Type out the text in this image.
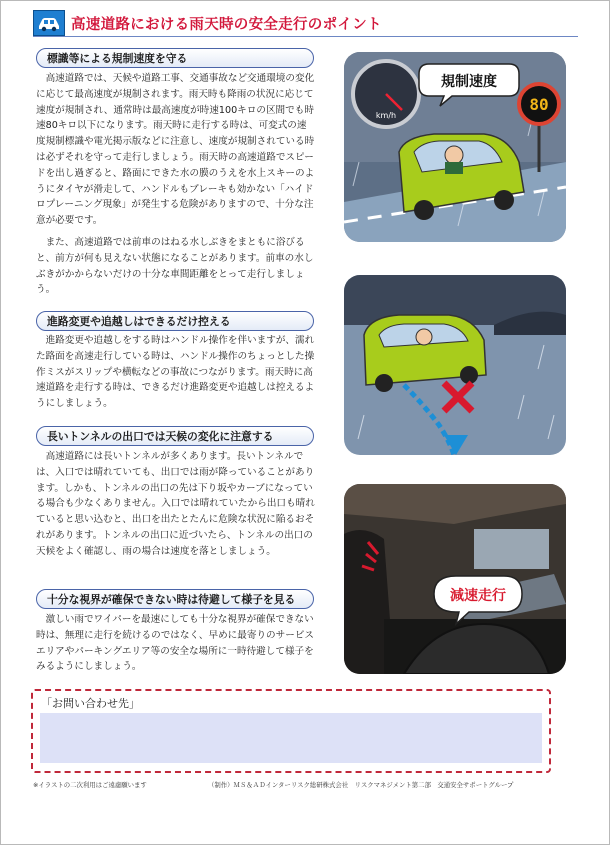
高速道路における雨天時の安全走行のポイント
標識等による規制速度を守る
高速道路では、天候や道路工事、交通事故など交通環境の変化に応じて最高速度が規制されます。雨天時も降雨の状況に応じて速度が規制され、通常時は最高速度が時速100キロの区間でも時速80キロ以下になります。雨天時に走行する時は、可変式の速度規制標識や電光掲示版などに注意し、速度が規制されている時は必ずそれを守って走行しましょう。雨天時の高速道路でスピードを出し過ぎると、路面にできた水の膜のうえを水上スキーのようにタイヤが滑走して、ハンドルもブレーキも効かない「ハイドロプレーニング現象」が発生する危険がありますので、十分な注意が必要です。
また、高速道路では前車のはねる水しぶきをまともに浴びると、前方が何も見えない状態になることがあります。前車の水しぶきがかからないだけの十分な車間距離をとって走行しましょう。
進路変更や追越しはできるだけ控える
進路変更や追越しをする時はハンドル操作を伴いますが、濡れた路面を高速走行している時は、ハンドル操作のちょっとした操作ミスがスリップや横転などの事故につながります。雨天時に高速道路を走行する時は、できるだけ進路変更や追越しは控えるようにしましょう。
長いトンネルの出口では天候の変化に注意する
高速道路には長いトンネルが多くあります。長いトンネルでは、入口では晴れていても、出口では雨が降っていることがあります。しかも、トンネルの出口の先は下り坂やカーブになっている場合も少なくありません。入口では晴れていたから出口も晴れていると思い込むと、出口を出たとたんに危険な状況に陥るおそれがあります。トンネルの出口に近づいたら、トンネルの出口の天候をよく確認し、雨の場合は速度を落としましょう。
十分な視界が確保できない時は待避して様子を見る
激しい雨でワイパーを最速にしても十分な視界が確保できない時は、無理に走行を続けるのではなく、早めに最寄りのサービスエリアやパーキングエリア等の安全な場所に一時待避して様子をみるようにしましょう。
km/h
規制速度
80
減速走行
「お問い合わせ先」
※イラストの二次利用はご遠慮願います	（制作）ＭＳ＆ＡＤインターリスク総研株式会社　リスクマネジメント第二部　交通安全サポートグループ
